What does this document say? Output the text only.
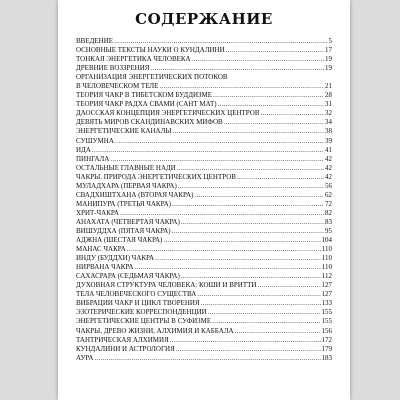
СОДЕРЖАНИЕ
ВВЕДЕНИЕ .....	5
ОСНОВНЫЕ ТЕКСТЫ НАУКИ О КУНДАЛИНИ .....	17
ТОНКАЯ ЭНЕРГЕТИКА ЧЕЛОВЕКА .....	19
ДРЕВНИЕ ВОЗЗРЕНИЯ .....	19
ОРГАНИЗАЦИЯ ЭНЕРГЕТИЧЕСКИХ ПОТОКОВ
В ЧЕЛОВЕЧЕСКОМ ТЕЛЕ .....	21
ТЕОРИЯ ЧАКР В ТИБЕТСКОМ БУДДИЗМЕ .....	28
ТЕОРИЯ ЧАКР РАДХА СВАМИ (САНТ МАТ) .....	31
ДАОССКАЯ КОНЦЕПЦИЯ ЭНЕРГЕТИЧЕСКИХ ЦЕНТРОВ .....	32
ДЕВЯТЬ МИРОВ СКАНДИНАВСКИХ МИФОВ .....	34
ЭНЕРГЕТИЧЕСКИЕ КАНАЛЫ .....	38
СУШУМНА .....	39
ИДА .....	41
ПИНГАЛА .....	42
ОСТАЛЬНЫЕ ГЛАВНЫЕ НАДИ .....	42
ЧАКРЫ. ПРИРОДА ЭНЕРГЕТИЧЕСКИХ ЦЕНТРОВ .....	42
МУЛАДХАРА (ПЕРВАЯ ЧАКРА) .....	56
СВАДХИШТХАНА (ВТОРАЯ ЧАКРА) .....	62
МАНИПУРА (ТРЕТЬЯ ЧАКРА) .....	72
ХРИТ-ЧАКРА .....	82
АНАХАТА (ЧЕТВЕРТАЯ ЧАКРА) .....	83
ВИШУДДХА (ПЯТАЯ ЧАКРА) .....	95
АДЖНА (ШЕСТАЯ ЧАКРА) .....	104
МАНАС ЧАКРА .....	110
ИНДУ (БУДДХИ) ЧАКРА .....	110
НИРВАНА ЧАКРА .....	110
САХАСРАРА (СЕДЬМАЯ ЧАКРА) .....	112
ДУХОВНАЯ СТРУКТУРА ЧЕЛОВЕКА: КОШИ И ВРИТТИ .....	127
ТЕЛА ЧЕЛОВЕЧЕСКОГО СУЩЕСТВА .....	127
ВИБРАЦИИ ЧАКР И ЦИКЛ ТВОРЕНИЯ .....	133
ЭЗОТЕРИЧЕСКИЕ КОРРЕСПОНДЕНЦИИ .....	155
ЭНЕРГЕТИЧЕСКИЕ ЦЕНТРЫ В СУФИЗМЕ .....	155
ЧАКРЫ, ДРЕВО ЖИЗНИ, АЛХИМИЯ И КАББАЛА .....	156
ТАНТРИЧЕСКАЯ АЛХИМИЯ .....	172
КУНДАЛИНИ И АСТРОЛОГИЯ .....	179
АУРА .....	183
